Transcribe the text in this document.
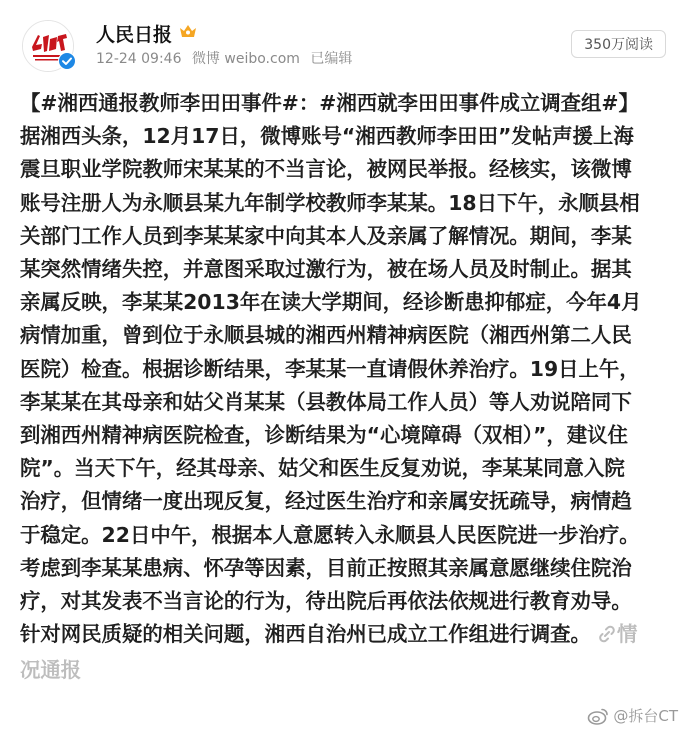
人民日报
12-24 09:46 微博 weibo.com 已编辑
350万阅读

【#湘西通报教师李田田事件#：#湘西就李田田事件成立调查组#】

据湘西头条，12月17日，微博账号“湘西教师李田田”发帖声援上海

震旦职业学院教师宋某某的不当言论，被网民举报。经核实，该微博

账号注册人为永顺县某九年制学校教师李某某。18日下午，永顺县相

关部门工作人员到李某某家中向其本人及亲属了解情况。期间，李某

某突然情绪失控，并意图采取过激行为，被在场人员及时制止。据其

亲属反映，李某某2013年在读大学期间，经诊断患抑郁症，今年4月

病情加重，曾到位于永顺县城的湘西州精神病医院（湘西州第二人民

医院）检查。根据诊断结果，李某某一直请假休养治疗。19日上午，

李某某在其母亲和姑父肖某某（县教体局工作人员）等人劝说陪同下

到湘西州精神病医院检查，诊断结果为“心境障碍（双相）”，建议住

院”。当天下午，经其母亲、姑父和医生反复劝说，李某某同意入院

治疗，但情绪一度出现反复，经过医生治疗和亲属安抚疏导，病情趋

于稳定。22日中午，根据本人意愿转入永顺县人民医院进一步治疗。

考虑到李某某患病、怀孕等因素，目前正按照其亲属意愿继续住院治

疗，对其发表不当言论的行为，待出院后再依法依规进行教育劝导。

针对网民质疑的相关问题，湘西自治州已成立工作组进行调查。 情

况通报

@拆台CT
